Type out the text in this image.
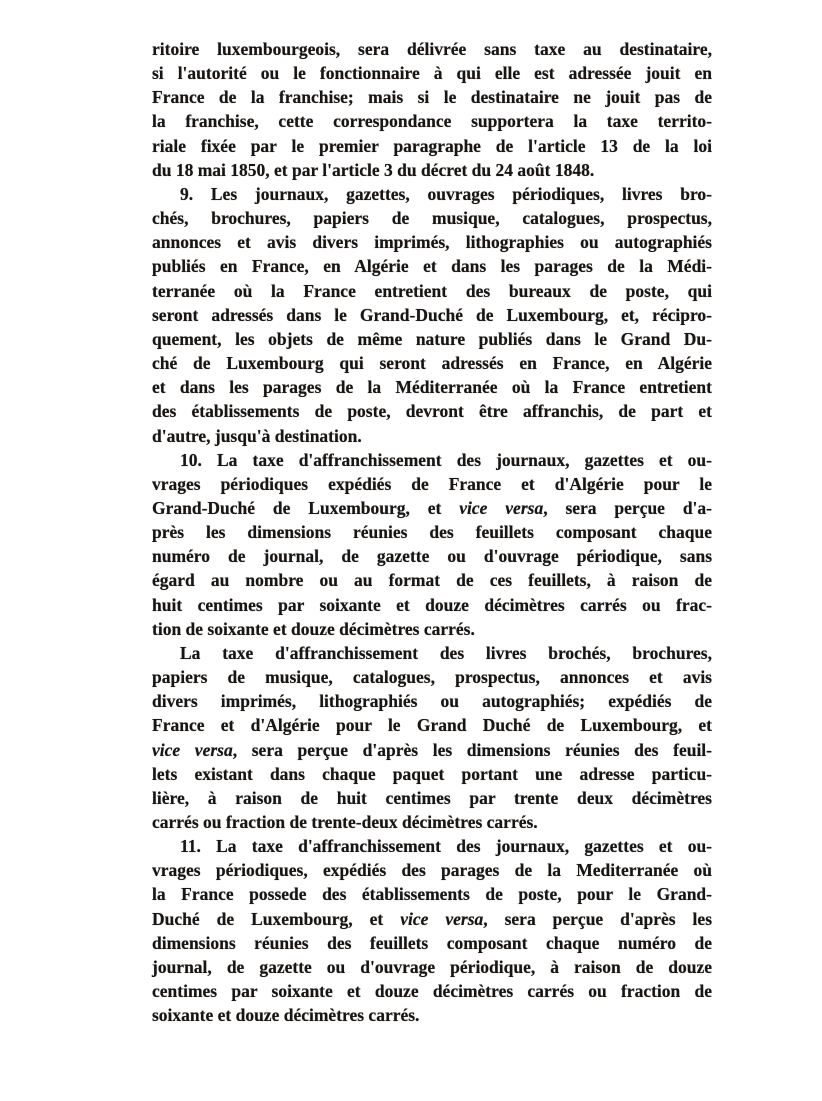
ritoire luxembourgeois, sera délivrée sans taxe au destinataire,
si l'autorité ou le fonctionnaire à qui elle est adressée jouit en
France de la franchise; mais si le destinataire ne jouit pas de
la franchise, cette correspondance supportera la taxe territo-
riale fixée par le premier paragraphe de l'article 13 de la loi
du 18 mai 1850, et par l'article 3 du décret du 24 août 1848.
9. Les journaux, gazettes, ouvrages périodiques, livres bro-
chés, brochures, papiers de musique, catalogues, prospectus,
annonces et avis divers imprimés, lithographies ou autographiés
publiés en France, en Algérie et dans les parages de la Médi-
terranée où la France entretient des bureaux de poste, qui
seront adressés dans le Grand-Duché de Luxembourg, et, récipro-
quement, les objets de même nature publiés dans le Grand Du-
ché de Luxembourg qui seront adressés en France, en Algérie
et dans les parages de la Méditerranée où la France entretient
des établissements de poste, devront être affranchis, de part et
d'autre, jusqu'à destination.
10. La taxe d'affranchissement des journaux, gazettes et ou-
vrages périodiques expédiés de France et d'Algérie pour le
Grand-Duché de Luxembourg, et vice versa, sera perçue d'a-
près les dimensions réunies des feuillets composant chaque
numéro de journal, de gazette ou d'ouvrage périodique, sans
égard au nombre ou au format de ces feuillets, à raison de
huit centimes par soixante et douze décimètres carrés ou frac-
tion de soixante et douze décimètres carrés.
La taxe d'affranchissement des livres brochés, brochures,
papiers de musique, catalogues, prospectus, annonces et avis
divers imprimés, lithographiés ou autographiés; expédiés de
France et d'Algérie pour le Grand Duché de Luxembourg, et
vice versa, sera perçue d'après les dimensions réunies des feuil-
lets existant dans chaque paquet portant une adresse particu-
lière, à raison de huit centimes par trente deux décimètres
carrés ou fraction de trente-deux décimètres carrés.
11. La taxe d'affranchissement des journaux, gazettes et ou-
vrages périodiques, expédiés des parages de la Mediterranée où
la France possede des établissements de poste, pour le Grand-
Duché de Luxembourg, et vice versa, sera perçue d'après les
dimensions réunies des feuillets composant chaque numéro de
journal, de gazette ou d'ouvrage périodique, à raison de douze
centimes par soixante et douze décimètres carrés ou fraction de
soixante et douze décimètres carrés.
